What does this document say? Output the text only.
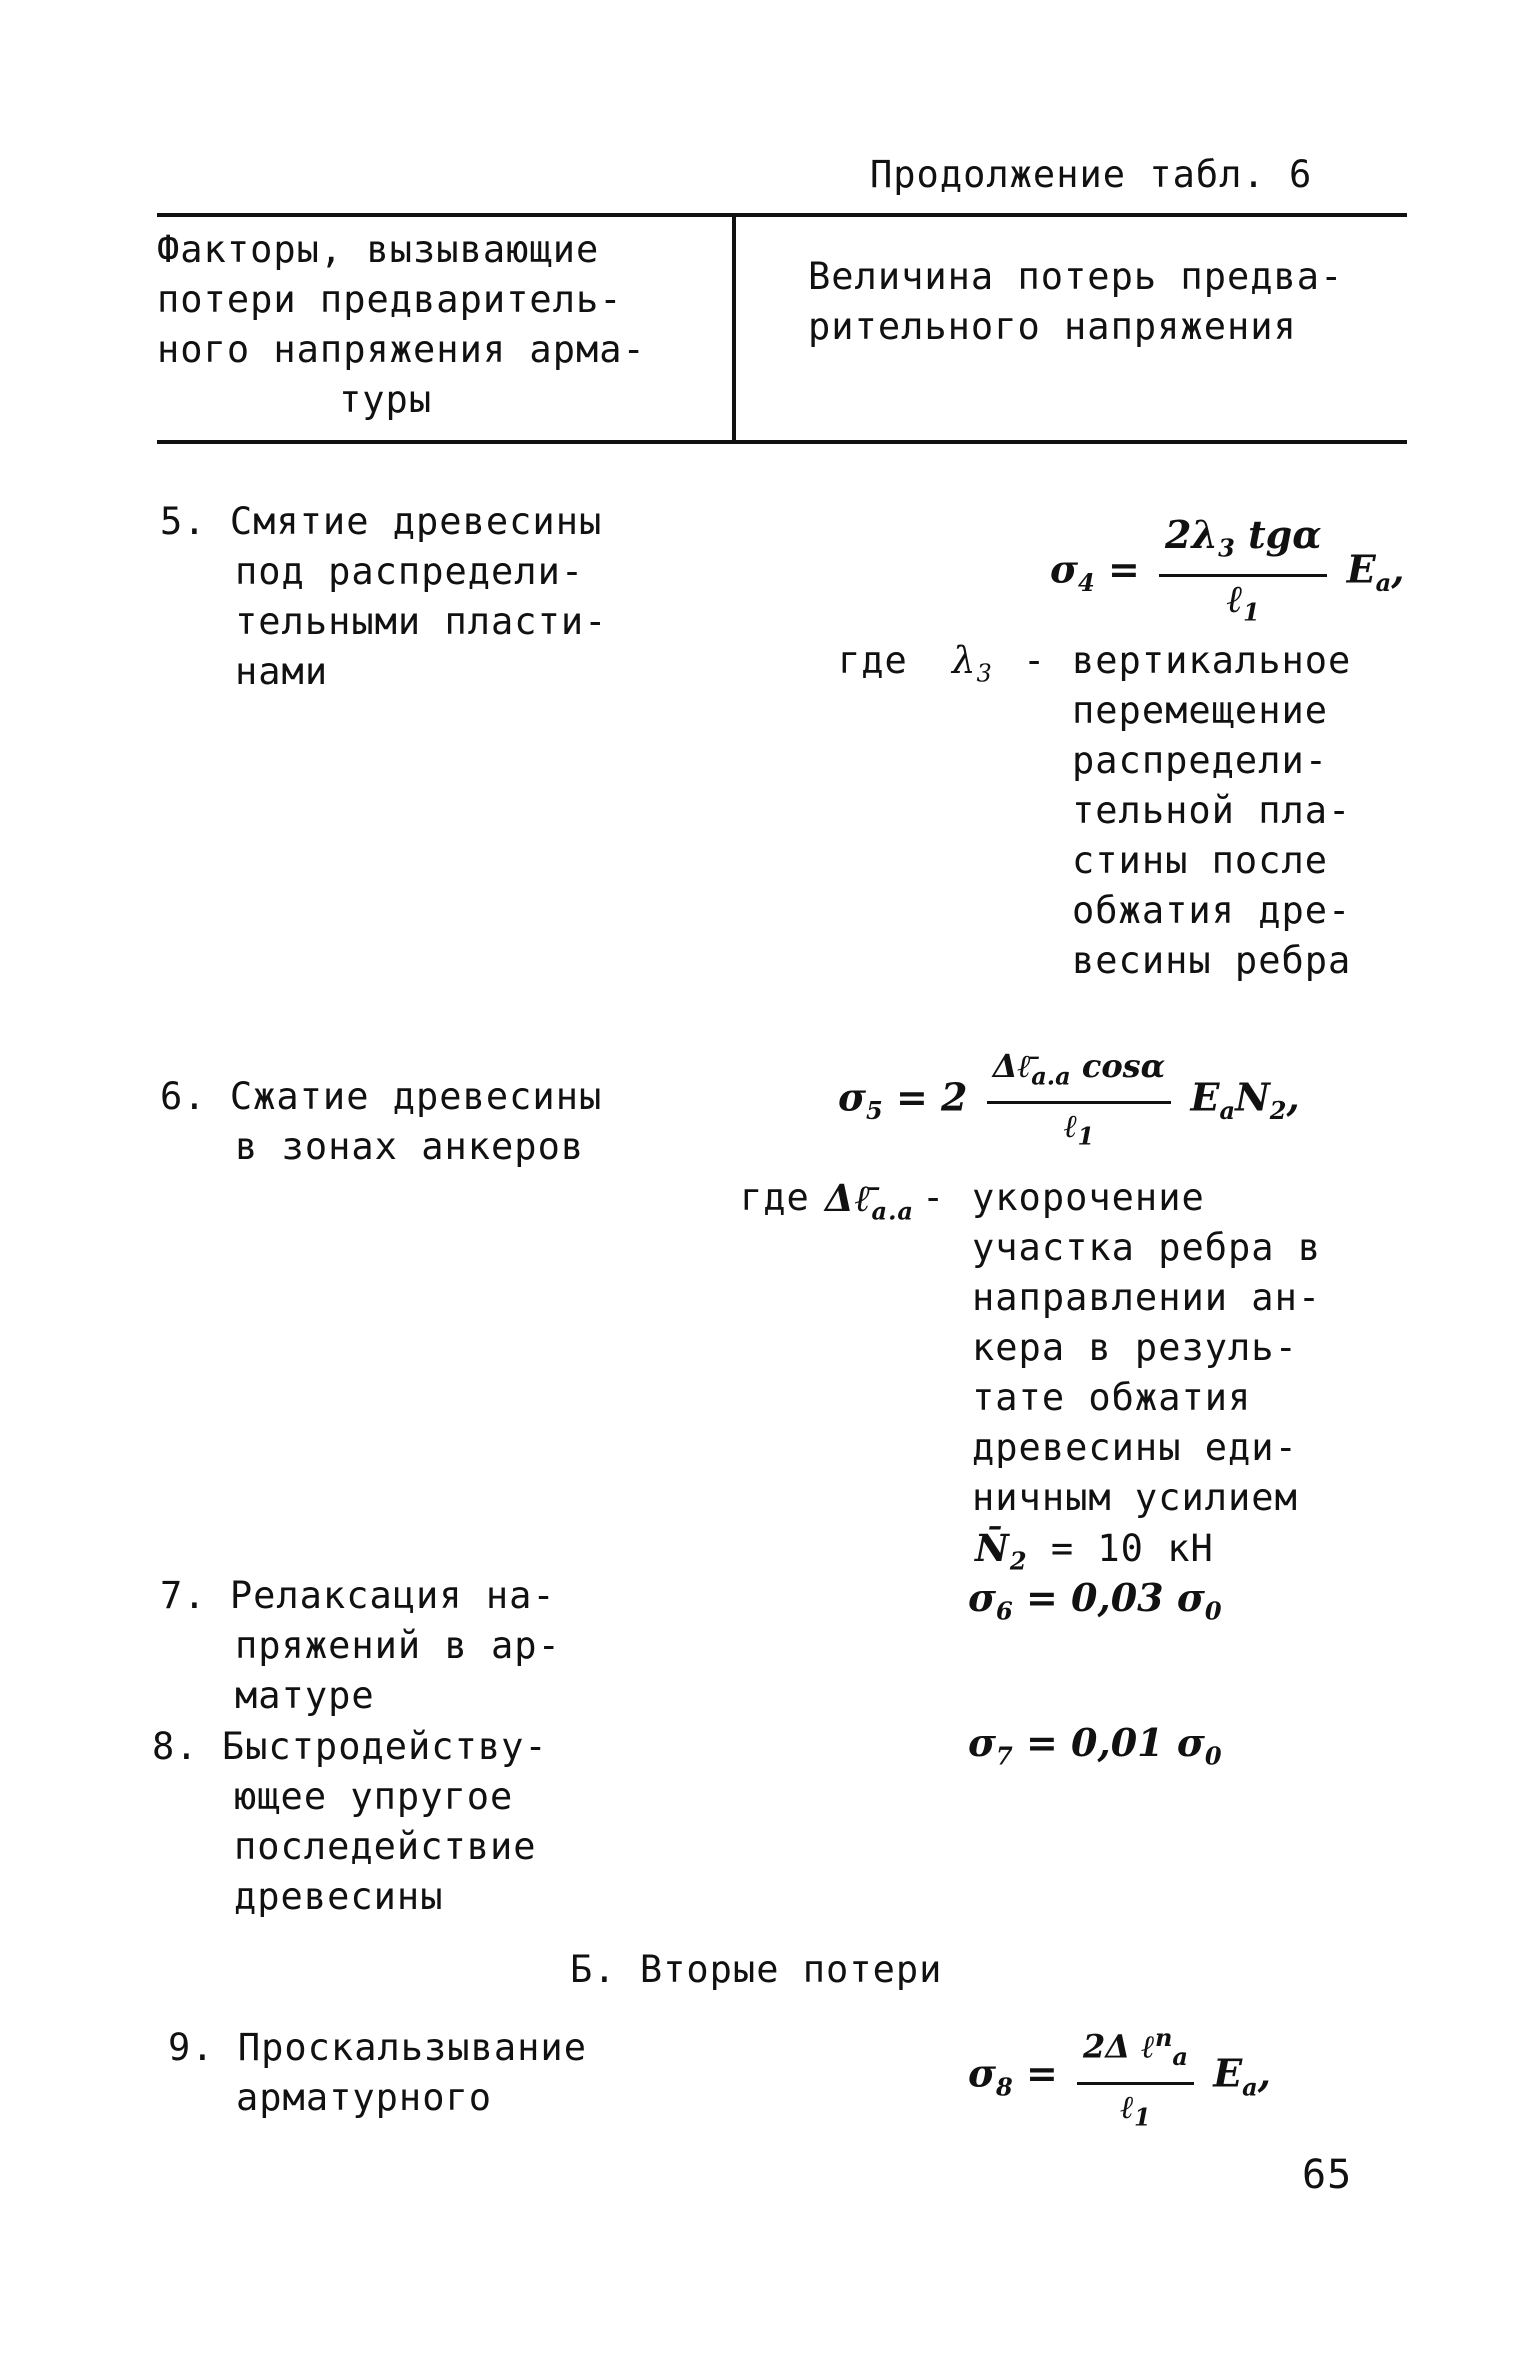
Продолжение табл. 6
Факторы, вызывающие
потери предваритель-
ного напряжения арма-
туры
Величина потерь предва-
рительного напряжения
5. Смятие древесины
под распредели-
тельными пласти-
нами
$\sigma_4 = \frac{2\lambda_3 tg\alpha}{\ell_1} E_a$,
где $\lambda_3$ - вертикальное
перемещение
распредели-
тельной пла-
стины после
обжатия дре-
весины ребра
6. Сжатие древесины
в зонах анкеров
$\sigma_5 = 2 \frac{\Delta\ell̄_{a.a} \cos\alpha}{\ell_1} E_aN_2$,
где $\Delta\ell̄_{a.a}$ - укорочение
участка ребра в
направлении ан-
кера в резуль-
тате обжатия
древесины еди-
ничным усилием
$N̄_2 = 10$ кН
7. Релаксация на-
пряжений в ар-
матуре
$\sigma_6 = 0,03$ $\sigma_0$
8. Быстродейству-
ющее упругое
последействие
древесины
$\sigma_7 = 0,01$ $\sigma_0$
Б. Вторые потери
9. Проскальзывание
арматурного
$\sigma_8 = \frac{2\Delta \ell^n_a}{\ell_1} E_a$,
65
